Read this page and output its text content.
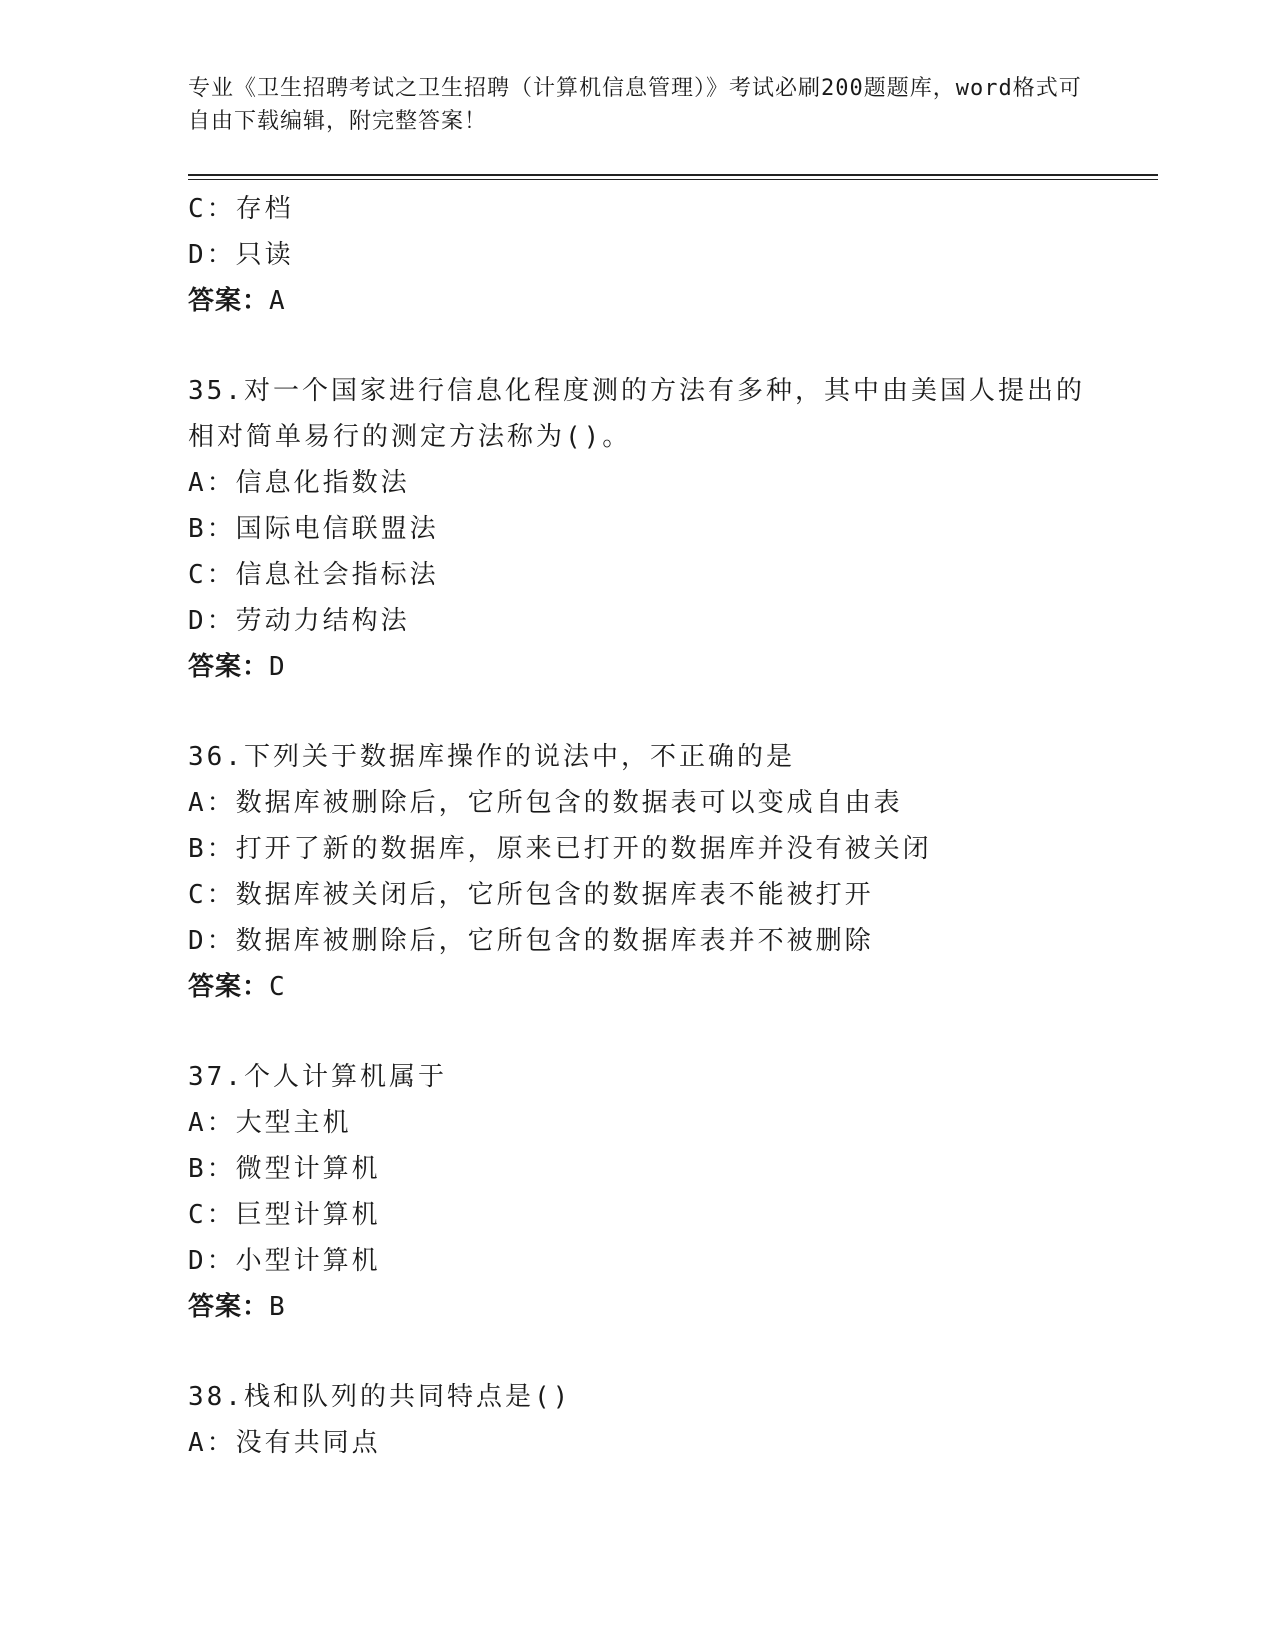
专业《卫生招聘考试之卫生招聘（计算机信息管理）》考试必刷200题题库，word格式可自由下载编辑，附完整答案！

C：存档
D：只读
答案：A
35.对一个国家进行信息化程度测的方法有多种，其中由美国人提出的
相对简单易行的测定方法称为()。
A：信息化指数法
B：国际电信联盟法
C：信息社会指标法
D：劳动力结构法
答案：D
36.下列关于数据库操作的说法中，不正确的是
A：数据库被删除后，它所包含的数据表可以变成自由表
B：打开了新的数据库，原来已打开的数据库并没有被关闭
C：数据库被关闭后，它所包含的数据库表不能被打开
D：数据库被删除后，它所包含的数据库表并不被删除
答案：C
37.个人计算机属于
A：大型主机
B：微型计算机
C：巨型计算机
D：小型计算机
答案：B
38.栈和队列的共同特点是()
A：没有共同点
